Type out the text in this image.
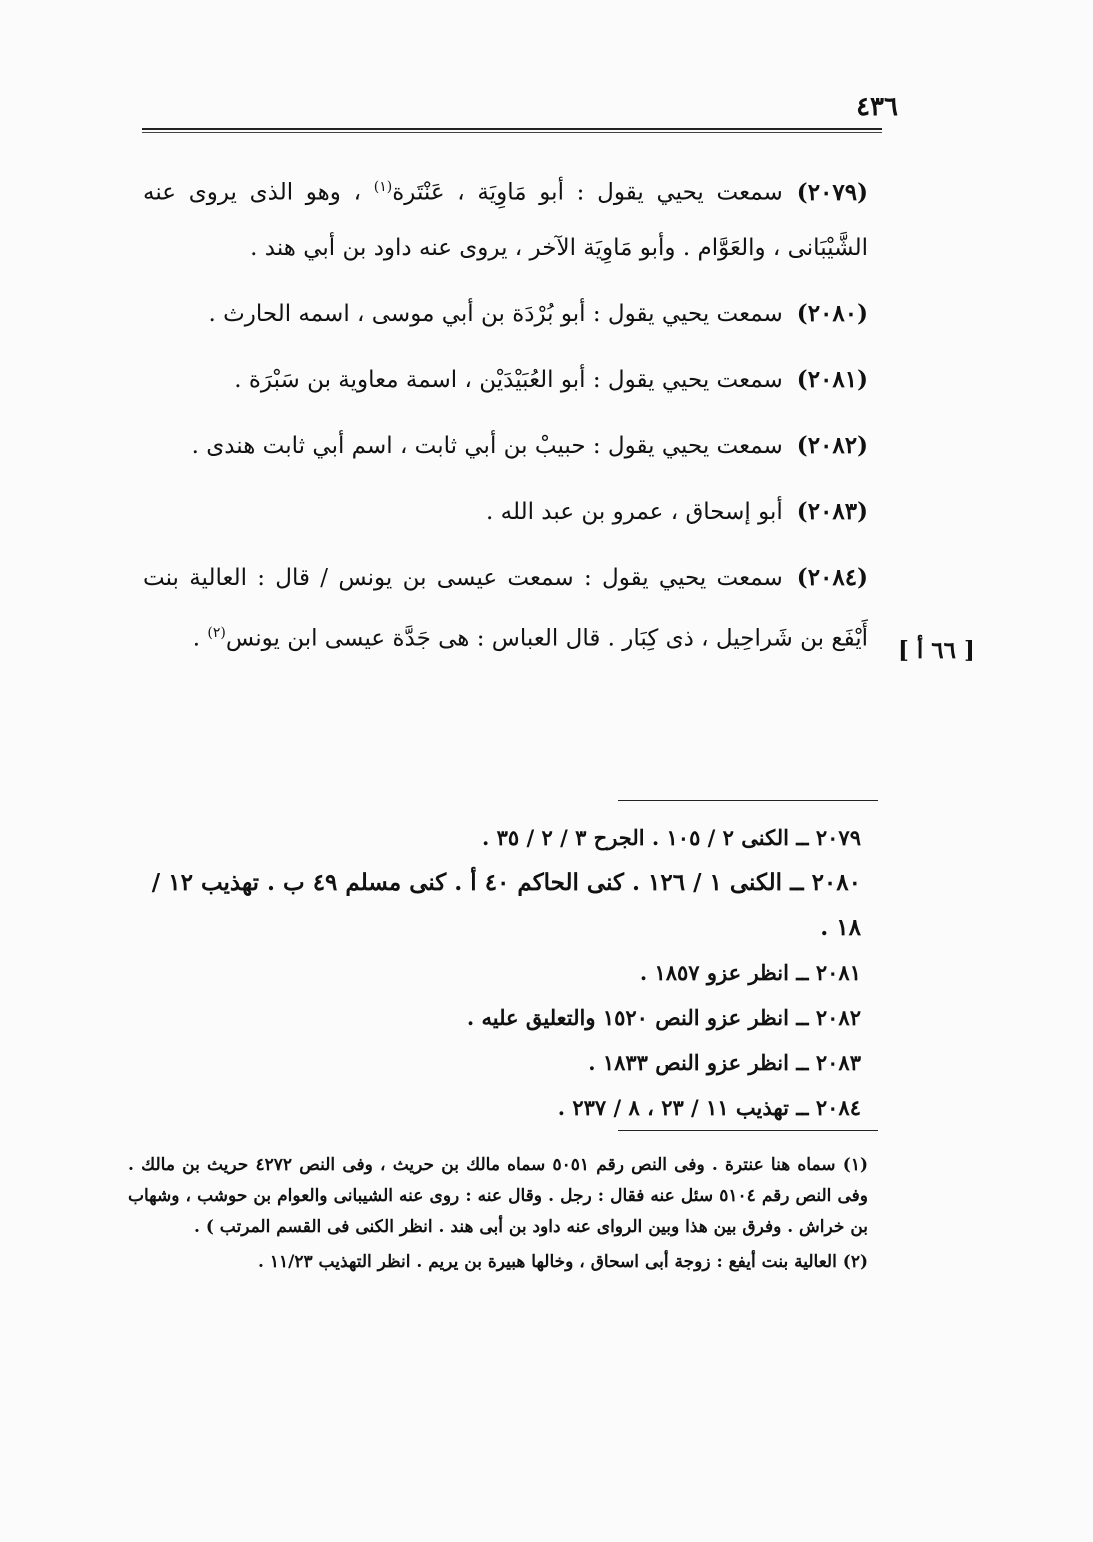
٤٣٦

(٢٠٧٩)سمعت يحيي يقول : أبو مَاوِيَة ، عَنْتَرة$^{(١)}$ ، وهو الذى يروى عنه الشَّيْبَانى ، والعَوَّام . وأبو مَاوِيَة الآخر ، يروى عنه داود بن أبي هند .

(٢٠٨٠)سمعت يحيي يقول : أبو بُرْدَة بن أبي موسى ، اسمه الحارث .

(٢٠٨١)سمعت يحيي يقول : أبو العُبَيْدَيْن ، اسمة معاوية بن سَبْرَة .

(٢٠٨٢)سمعت يحيي يقول : حبيبْ بن أبي ثابت ، اسم أبي ثابت هندى .

(٢٠٨٣)أبو إسحاق ، عمرو بن عبد الله .

(٢٠٨٤)سمعت يحيي يقول : سمعت عيسى بن يونس / قال : العالية بنت أَيْفَع بن شَراحِيل ، ذى كِبَار . قال العباس : هى جَدَّة عيسى ابن يونس$^{(٢)}$ .	[ ٦٦ أ ]

٢٠٧٩ ــ الكنى ٢ / ١٠٥ . الجرح ٣ / ٢ / ٣٥ .

٢٠٨٠ ــ الكنى ١ / ١٢٦ . كنى الحاكم ٤٠ أ . كنى مسلم ٤٩ ب . تهذيب ١٢ / ١٨ .

٢٠٨١ ــ انظر عزو ١٨٥٧ .

٢٠٨٢ ــ انظر عزو النص ١٥٢٠ والتعليق عليه .

٢٠٨٣ ــ انظر عزو النص ١٨٣٣ .

٢٠٨٤ ــ تهذيب ١١ / ٢٣ ، ٨ / ٢٣٧ .

(١) سماه هنا عنترة . وفى النص رقم ٥٠٥١ سماه مالك بن حريث ، وفى النص ٤٢٧٢ حريث بن مالك . وفى النص رقم ٥١٠٤ سئل عنه فقال : رجل . وقال عنه : روى عنه الشيبانى والعوام بن حوشب ، وشهاب بن خراش . وفرق بين هذا وبين الرواى عنه داود بن أبى هند . انظر الكنى فى القسم المرتب ) .

(٢) العالية بنت أيفع : زوجة أبى اسحاق ، وخالها هبيرة بن يريم . انظر التهذيب ١١/٢٣ .
